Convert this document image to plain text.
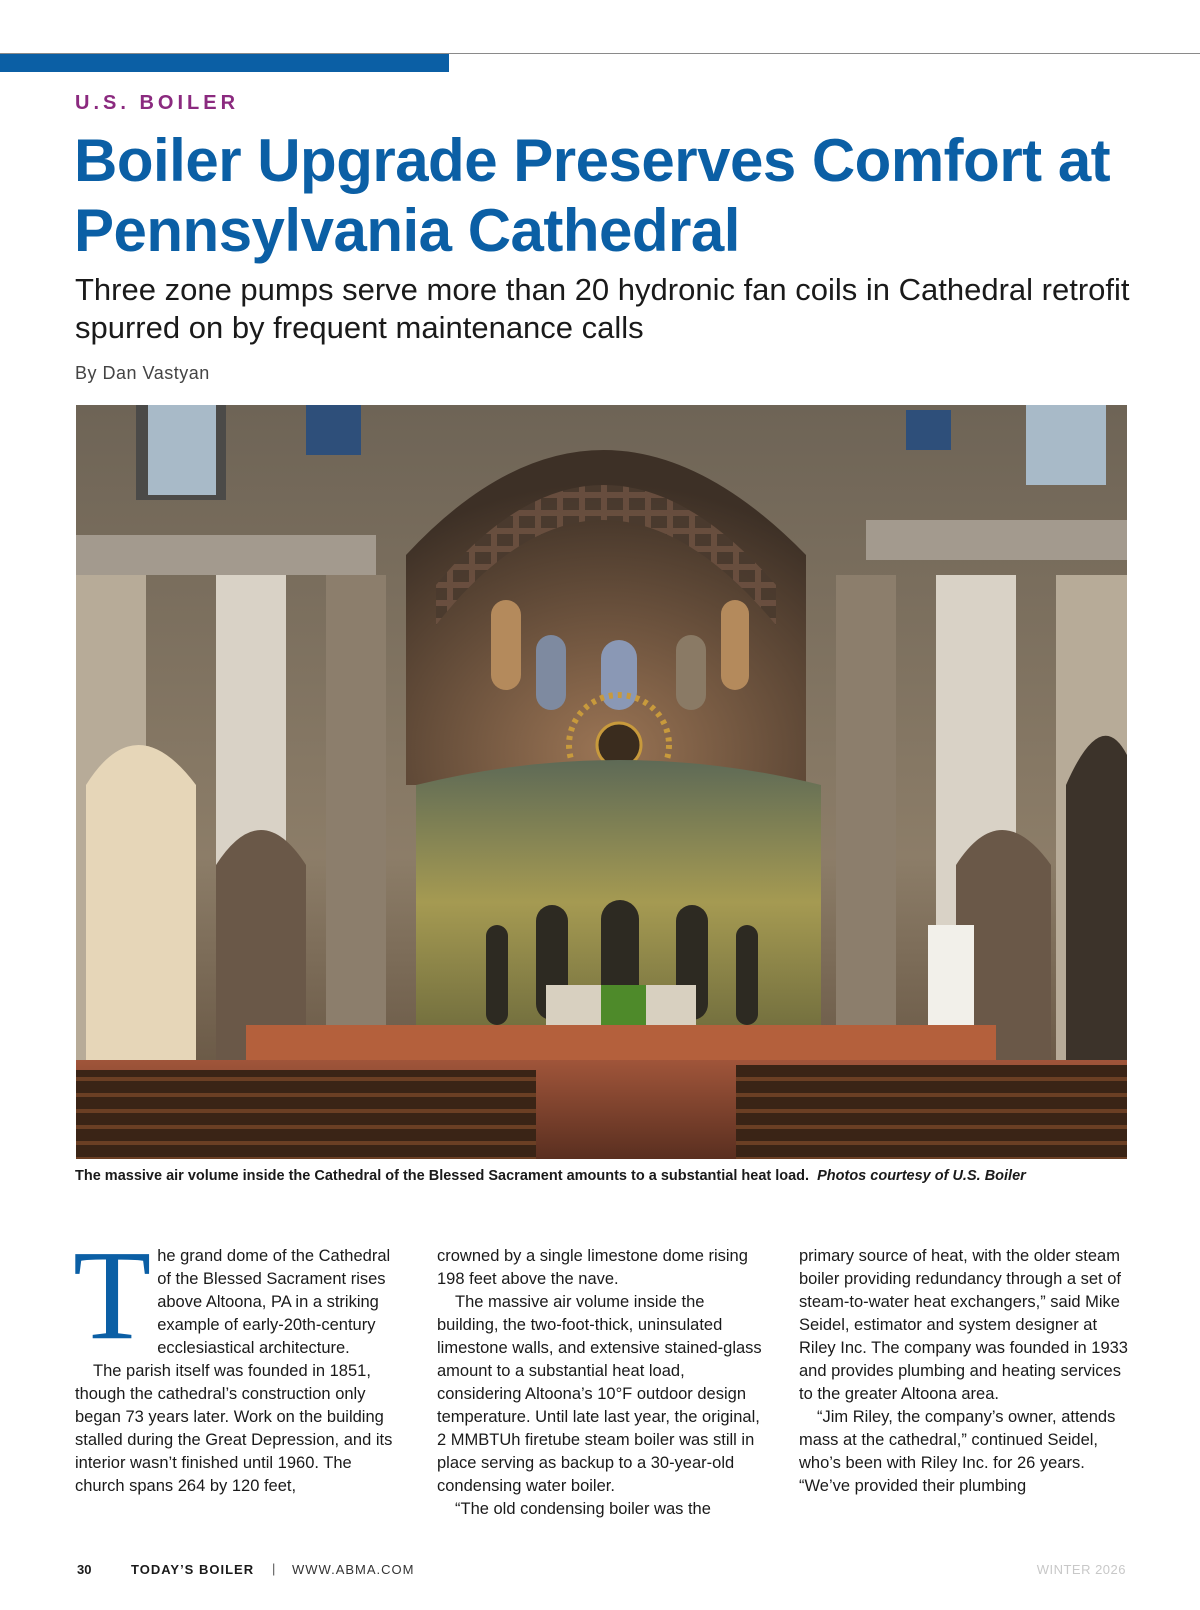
U.S. BOILER
Boiler Upgrade Preserves Comfort at Pennsylvania Cathedral
Three zone pumps serve more than 20 hydronic fan coils in Cathedral retrofit spurred on by frequent maintenance calls
By Dan Vastyan
The massive air volume inside the Cathedral of the Blessed Sacrament amounts to a substantial heat load. Photos courtesy of U.S. Boiler
T he grand dome of the Cathedral of the Blessed Sacrament rises above Altoona, PA in a striking example of early-20th-century ecclesiastical architecture.

The parish itself was founded in 1851, though the cathedral’s construction only began 73 years later. Work on the building stalled during the Great Depression, and its interior wasn’t finished until 1960. The church spans 264 by 120 feet,

crowned by a single limestone dome rising 198 feet above the nave.

The massive air volume inside the building, the two-foot-thick, uninsulated limestone walls, and extensive stained-glass amount to a substantial heat load, considering Altoona’s 10°F outdoor design temperature. Until late last year, the original, 2 MMBTUh firetube steam boiler was still in place serving as backup to a 30-year-old condensing water boiler.

“The old condensing boiler was the

primary source of heat, with the older steam boiler providing redundancy through a set of steam-to-water heat exchangers,” said Mike Seidel, estimator and system designer at Riley Inc. The company was founded in 1933 and provides plumbing and heating services to the greater Altoona area.

“Jim Riley, the company’s owner, attends mass at the cathedral,” continued Seidel, who’s been with Riley Inc. for 26 years. “We’ve provided their plumbing

30	TODAY’S BOILER | WWW.ABMA.COM	WINTER 2026
